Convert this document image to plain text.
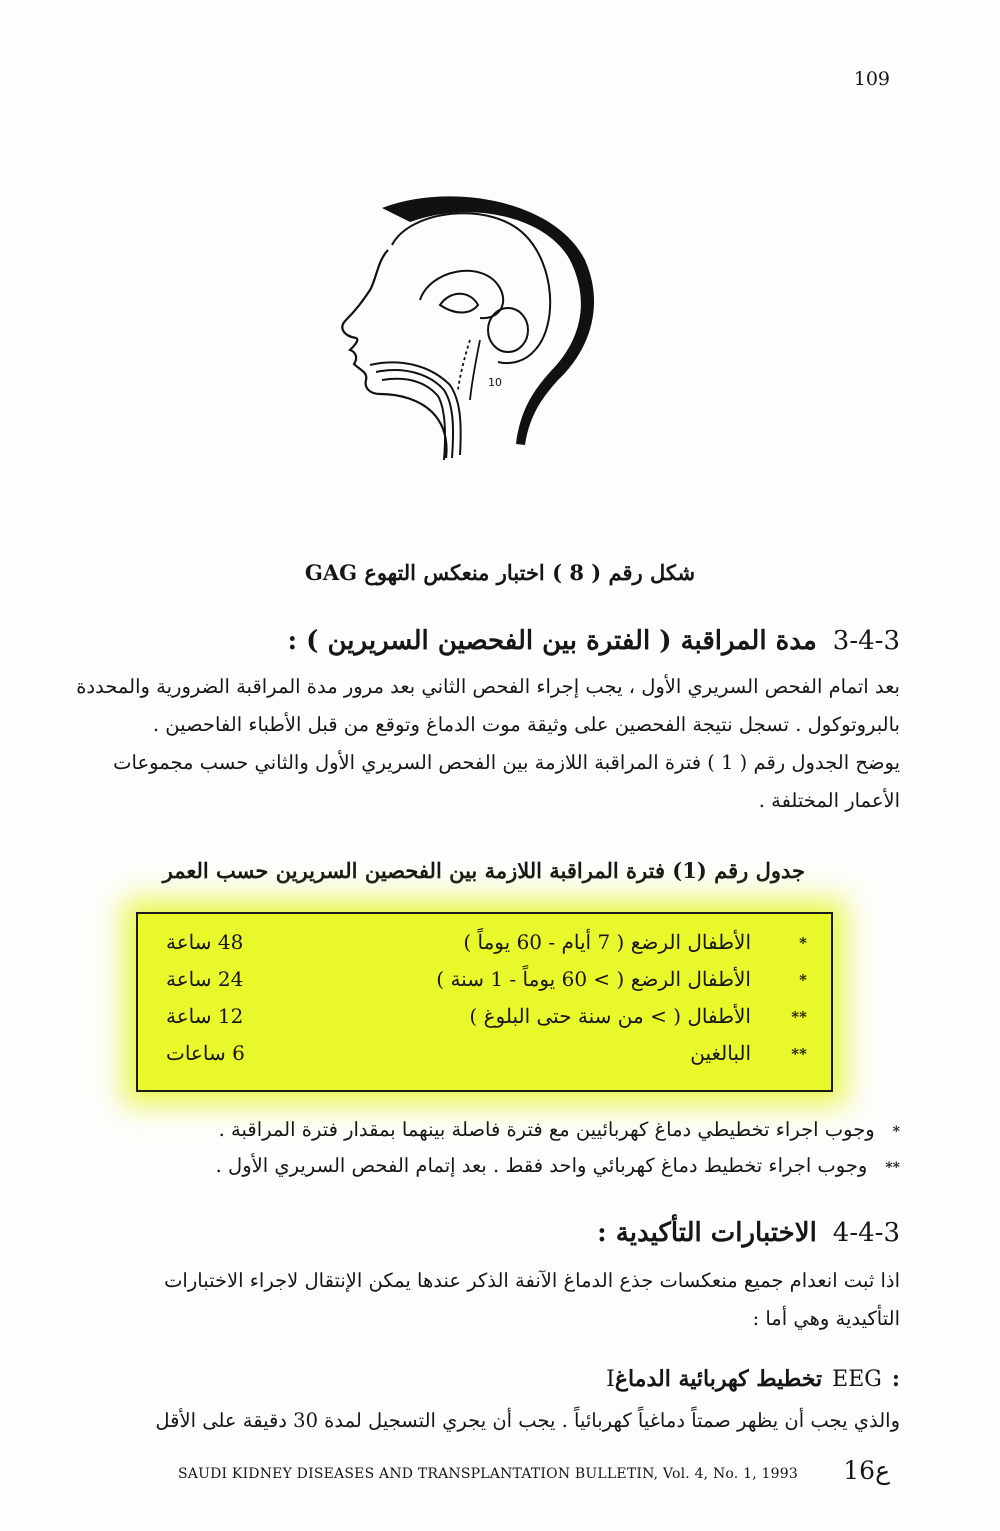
109
10
شكل رقم ( 8 ) اختبار منعكس التهوع GAG
3-4-3مدة المراقبة ( الفترة بين الفحصين السريرين ) :
بعد اتمام الفحص السريري الأول ، يجب إجراء الفحص الثاني بعد مرور مدة المراقبة الضرورية والمحددة
بالبروتوكول . تسجل نتيجة الفحصين على وثيقة موت الدماغ وتوقع من قبل الأطباء الفاحصين .
يوضح الجدول رقم ( 1 ) فترة المراقبة اللازمة بين الفحص السريري الأول والثاني حسب مجموعات
الأعمار المختلفة .
جدول رقم (1) فترة المراقبة اللازمة بين الفحصين السريرين حسب العمر
*
الأطفال الرضع ( 7 أيام - 60 يوماً )
48 ساعة
*
الأطفال الرضع ( > 60 يوماً - 1 سنة )
24 ساعة
**
الأطفال ( > من سنة حتى البلوغ )
12 ساعة
**
البالغين
6 ساعات
*وجوب اجراء تخطيطي دماغ كهربائيين مع فترة فاصلة بينهما بمقدار فترة المراقبة .
**وجوب اجراء تخطيط دماغ كهربائي واحد فقط . بعد إتمام الفحص السريري الأول .
4-4-3الاختبارات التأكيدية :
اذا ثبت انعدام جميع منعكسات جذع الدماغ الآنفة الذكر عندها يمكن الإنتقال لاجراء الاختبارات
التأكيدية وهي أما :
Iتخطيط كهربائية الدماغ EEG :
والذي يجب أن يظهر صمتاً دماغياً كهربائياً . يجب أن يجري التسجيل لمدة 30 دقيقة على الأقل
SAUDI KIDNEY DISEASES AND TRANSPLANTATION BULLETIN, Vol. 4, No. 1, 1993 16ع
